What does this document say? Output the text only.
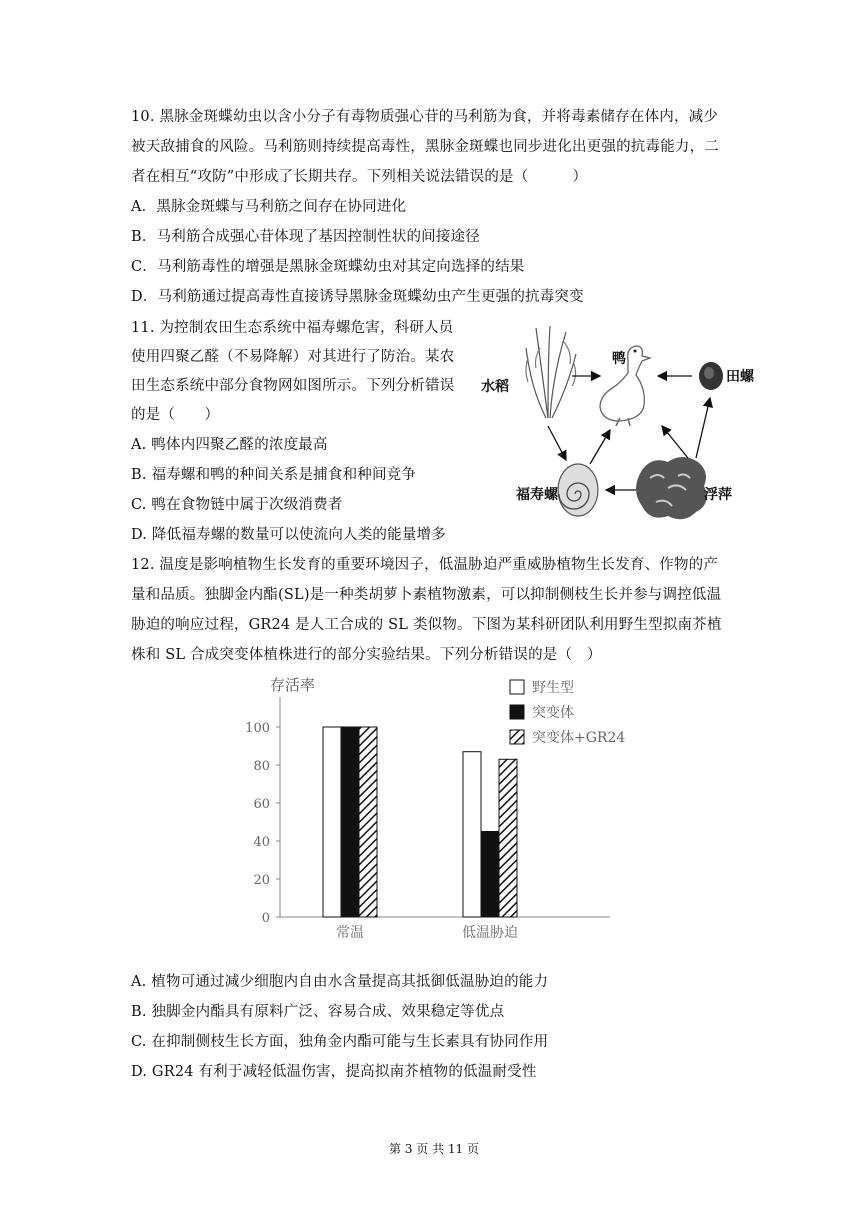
10. 黑脉金斑蝶幼虫以含小分子有毒物质强心苷的马利筋为食，并将毒素储存在体内，减少
被天敌捕食的风险。马利筋则持续提高毒性，黑脉金斑蝶也同步进化出更强的抗毒能力，二
者在相互“攻防”中形成了长期共存。下列相关说法错误的是（　　　）
A．黑脉金斑蝶与马利筋之间存在协同进化
B．马利筋合成强心苷体现了基因控制性状的间接途径
C．马利筋毒性的增强是黑脉金斑蝶幼虫对其定向选择的结果
D．马利筋通过提高毒性直接诱导黑脉金斑蝶幼虫产生更强的抗毒突变
11. 为控制农田生态系统中福寿螺危害，科研人员
使用四聚乙醛（不易降解）对其进行了防治。某农
田生态系统中部分食物网如图所示。下列分析错误
的是（　　）
A. 鸭体内四聚乙醛的浓度最高
B. 福寿螺和鸭的种间关系是捕食和种间竞争
C. 鸭在食物链中属于次级消费者
D. 降低福寿螺的数量可以使流向人类的能量增多
水稻
鸭
田螺
福寿螺	浮萍
12. 温度是影响植物生长发育的重要环境因子，低温胁迫严重威胁植物生长发育、作物的产
量和品质。独脚金内酯(SL)是一种类胡萝卜素植物激素，可以抑制侧枝生长并参与调控低温
胁迫的响应过程，GR24 是人工合成的 SL 类似物。下图为某科研团队利用野生型拟南芥植
株和 SL 合成突变体植株进行的部分实验结果。下列分析错误的是（　）
存活率
0
20
40
60
80
100
常温	低温胁迫
野生型
突变体
突变体+GR24
A. 植物可通过减少细胞内自由水含量提高其抵御低温胁迫的能力
B. 独脚金内酯具有原料广泛、容易合成、效果稳定等优点
C. 在抑制侧枝生长方面，独角金内酯可能与生长素具有协同作用
D. GR24 有利于减轻低温伤害，提高拟南芥植物的低温耐受性
第 3 页 共 11 页
